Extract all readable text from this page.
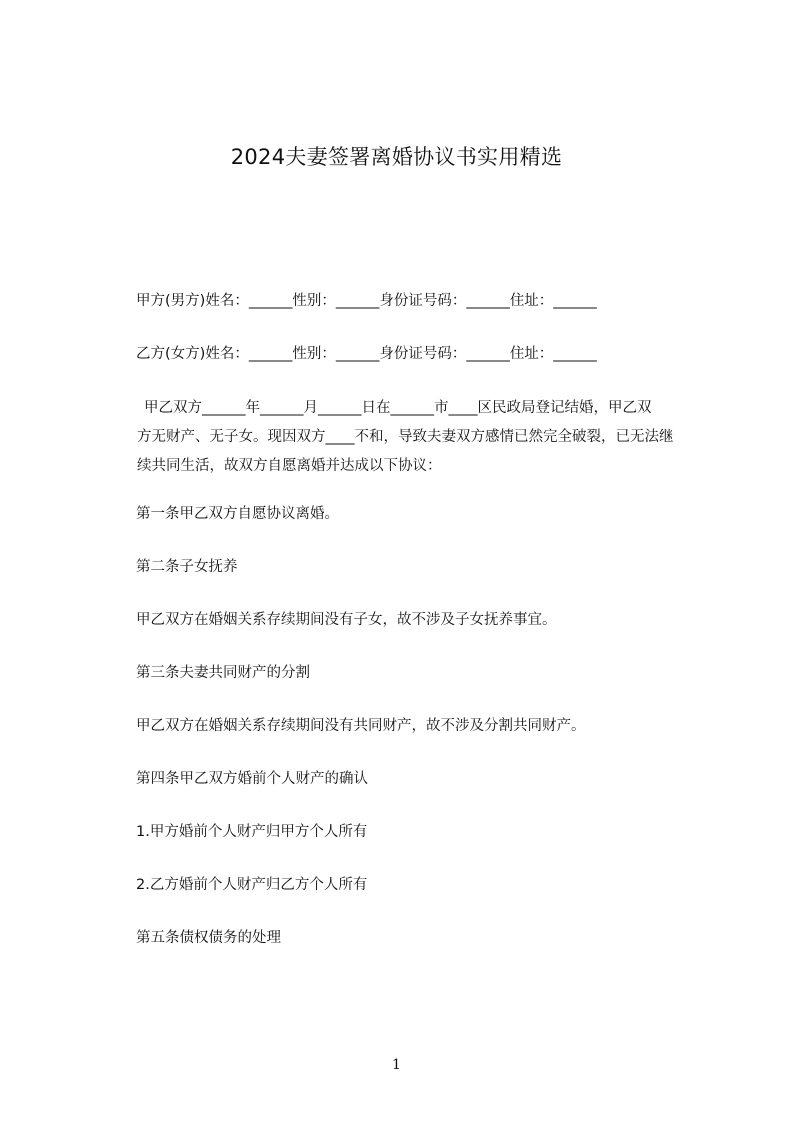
2024夫妻签署离婚协议书实用精选

甲方(男方)姓名：______性别：______身份证号码：______住址：______

乙方(女方)姓名：______性别：______身份证号码：______住址：______

甲乙双方______年______月______日在______市____区民政局登记结婚，甲乙双
方无财产、无子女。现因双方____不和，导致夫妻双方感情已然完全破裂，已无法继
续共同生活，故双方自愿离婚并达成以下协议：

第一条甲乙双方自愿协议离婚。

第二条子女抚养

甲乙双方在婚姻关系存续期间没有子女，故不涉及子女抚养事宜。

第三条夫妻共同财产的分割

甲乙双方在婚姻关系存续期间没有共同财产，故不涉及分割共同财产。

第四条甲乙双方婚前个人财产的确认

1.甲方婚前个人财产归甲方个人所有

2.乙方婚前个人财产归乙方个人所有

第五条债权债务的处理

1
